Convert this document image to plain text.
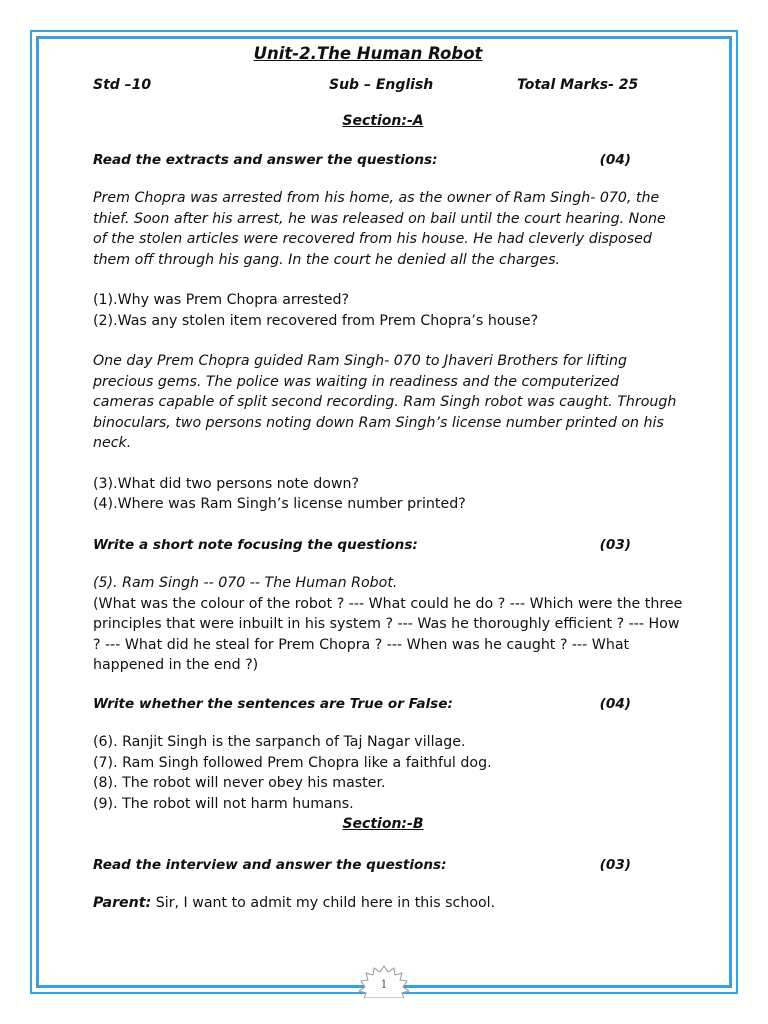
Unit-2.The Human Robot
Std –10	Sub – English	Total Marks- 25
Section:-A
Read the extracts and answer the questions:	(04)

Prem Chopra was arrested from his home, as the owner of Ram Singh- 070, the thief. Soon after his arrest, he was released on bail until the court hearing. None of the stolen articles were recovered from his house. He had cleverly disposed them off through his gang. In the court he denied all the charges.

(1).Why was Prem Chopra arrested?

(2).Was any stolen item recovered from Prem Chopra’s house?

One day Prem Chopra guided Ram Singh- 070 to Jhaveri Brothers for lifting precious gems. The police was waiting in readiness and the computerized cameras capable of split second recording. Ram Singh robot was caught. Through binoculars, two persons noting down Ram Singh’s license number printed on his neck.

(3).What did two persons note down?

(4).Where was Ram Singh’s license number printed?

Write a short note focusing the questions:	(03)

(5). Ram Singh -- 070 -- The Human Robot.

(What was the colour of the robot ? --- What could he do ? --- Which were the three principles that were inbuilt in his system ? --- Was he thoroughly efficient ? --- How ? --- What did he steal for Prem Chopra ? --- When was he caught ? --- What happened in the end ?)

Write whether the sentences are True or False:	(04)

(6). Ranjit Singh is the sarpanch of Taj Nagar village.

(7). Ram Singh followed Prem Chopra like a faithful dog.

(8). The robot will never obey his master.

(9). The robot will not harm humans.

Section:-B
Read the interview and answer the questions:	(03)

Parent: Sir, I want to admit my child here in this school.

1
